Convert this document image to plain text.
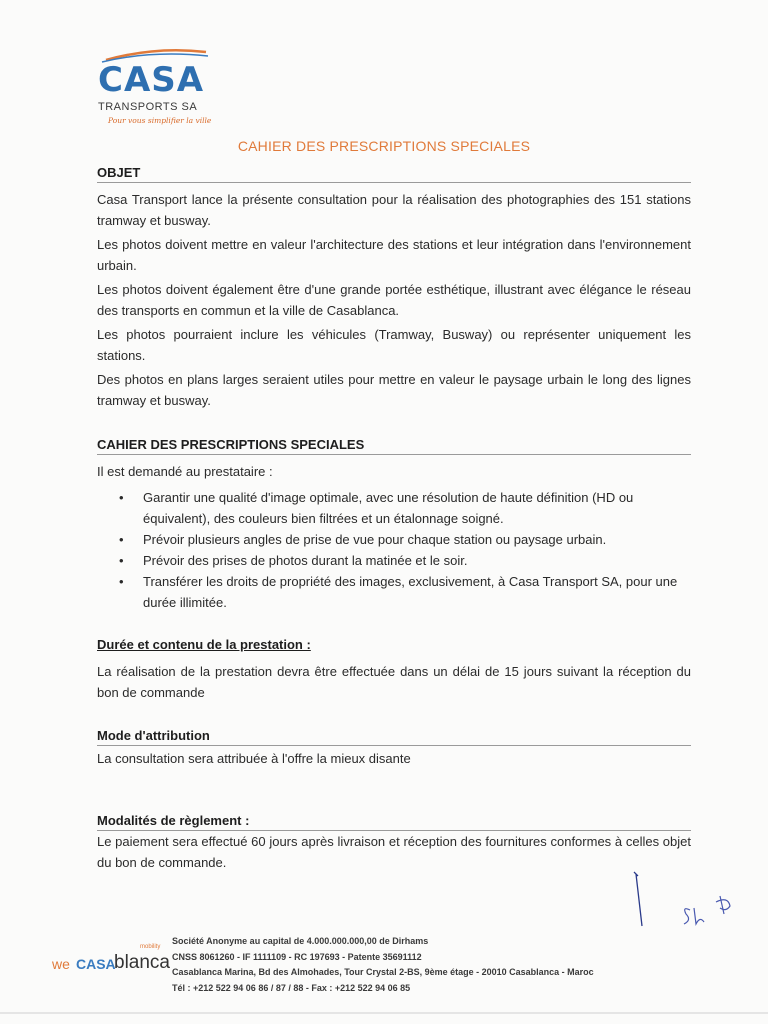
CASA
TRANSPORTS SA
Pour vous simplifier la ville
CAHIER DES PRESCRIPTIONS SPECIALES
OBJET
Casa Transport lance la présente consultation pour la réalisation des photographies des 151 stations tramway et busway.
Les photos doivent mettre en valeur l'architecture des stations et leur intégration dans l'environnement urbain.
Les photos doivent également être d'une grande portée esthétique, illustrant avec élégance le réseau des transports en commun et la ville de Casablanca.
Les photos pourraient inclure les véhicules (Tramway, Busway) ou représenter uniquement les stations.
Des photos en plans larges seraient utiles pour mettre en valeur le paysage urbain le long des lignes tramway et busway.
CAHIER DES PRESCRIPTIONS SPECIALES
Il est demandé au prestataire :
• Garantir une qualité d'image optimale, avec une résolution de haute définition (HD ou équivalent), des couleurs bien filtrées et un étalonnage soigné.
• Prévoir plusieurs angles de prise de vue pour chaque station ou paysage urbain.
• Prévoir des prises de photos durant la matinée et le soir.
• Transférer les droits de propriété des images, exclusivement, à Casa Transport SA, pour une durée illimitée.
Durée et contenu de la prestation :
La réalisation de la prestation devra être effectuée dans un délai de 15 jours suivant la réception du bon de commande
Mode d'attribution
La consultation sera attribuée à l'offre la mieux disante
Modalités de règlement :
Le paiement sera effectué 60 jours après livraison et réception des fournitures conformes à celles objet du bon de commande.
mobility
we CASA
blanca
Société Anonyme au capital de 4.000.000.000,00 de Dirhams
CNSS 8061260 - IF 1111109 - RC 197693 - Patente 35691112
Casablanca Marina, Bd des Almohades, Tour Crystal 2-BS, 9ème étage - 20010 Casablanca - Maroc
Tél : +212 522 94 06 86 / 87 / 88 - Fax : +212 522 94 06 85
